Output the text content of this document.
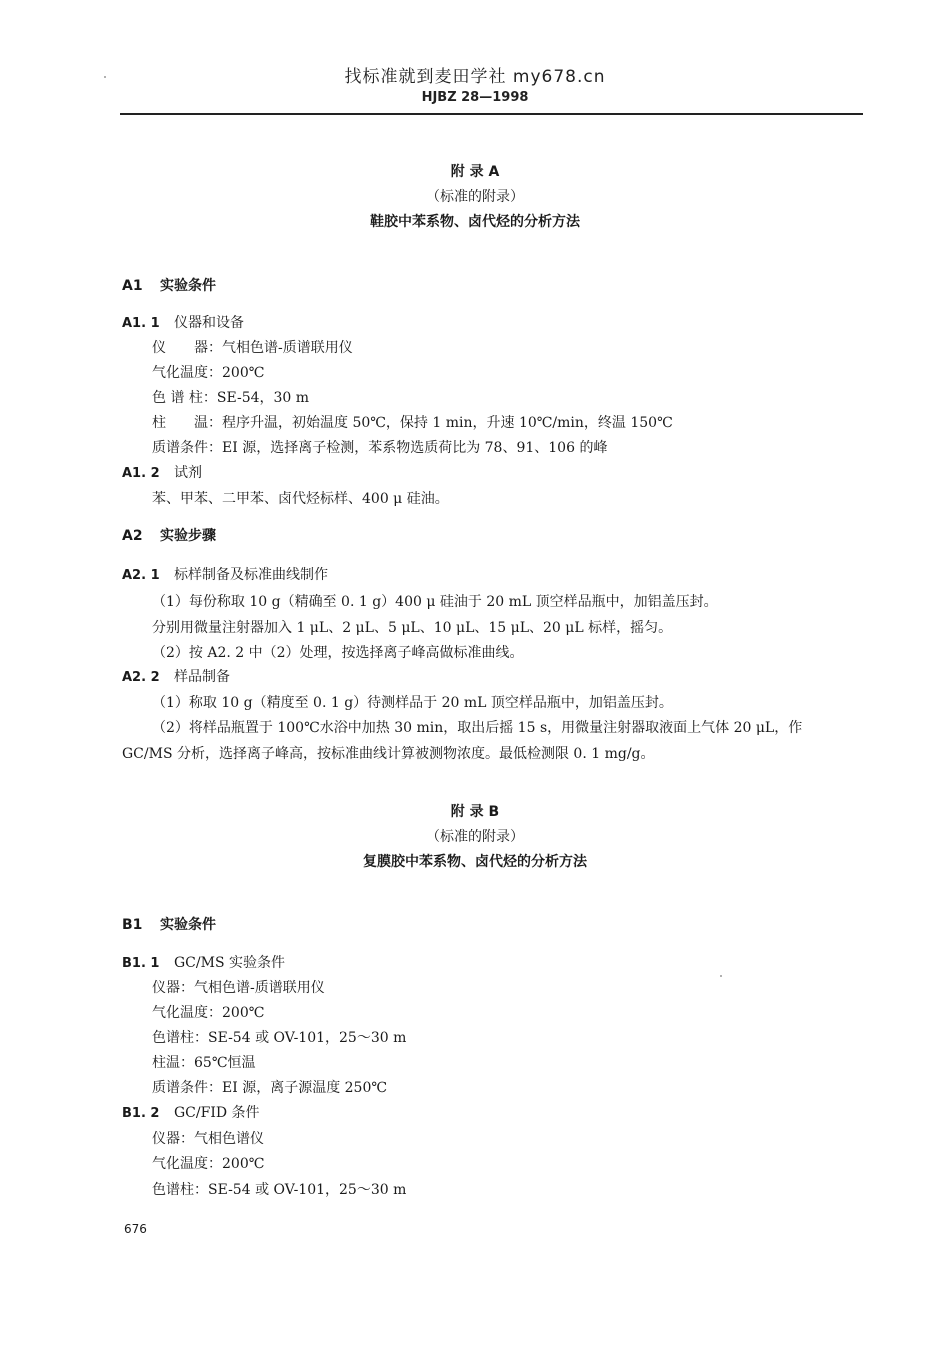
找标准就到麦田学社 my678.cn
HJBZ 28—1998
附 录 A
（标准的附录）
鞋胶中苯系物、卤代烃的分析方法
A1 实验条件
A1. 1 仪器和设备
仪　　器：气相色谱-质谱联用仪
气化温度：200℃
色 谱 柱：SE-54，30 m
柱　　温：程序升温，初始温度 50℃，保持 1 min，升速 10℃/min，终温 150℃
质谱条件：EI 源，选择离子检测，苯系物选质荷比为 78、91、106 的峰
A1. 2 试剂
苯、甲苯、二甲苯、卤代烃标样、400 μ 硅油。
A2 实验步骤
A2. 1 标样制备及标准曲线制作
（1）每份称取 10 g（精确至 0. 1 g）400 μ 硅油于 20 mL 顶空样品瓶中，加铝盖压封。
分别用微量注射器加入 1 μL、2 μL、5 μL、10 μL、15 μL、20 μL 标样，摇匀。
（2）按 A2. 2 中（2）处理，按选择离子峰高做标准曲线。
A2. 2 样品制备
（1）称取 10 g（精度至 0. 1 g）待测样品于 20 mL 顶空样品瓶中，加铝盖压封。
（2）将样品瓶置于 100℃水浴中加热 30 min，取出后摇 15 s，用微量注射器取液面上气体 20 μL，作
GC/MS 分析，选择离子峰高，按标准曲线计算被测物浓度。最低检测限 0. 1 mg/g。
附 录 B
（标准的附录）
复膜胶中苯系物、卤代烃的分析方法
B1 实验条件
B1. 1 GC/MS 实验条件
仪器：气相色谱-质谱联用仪
气化温度：200℃
色谱柱：SE-54 或 OV-101，25～30 m
柱温：65℃恒温
质谱条件：EI 源，离子源温度 250℃
B1. 2 GC/FID 条件
仪器：气相色谱仪
气化温度：200℃
色谱柱：SE-54 或 OV-101，25～30 m
676
